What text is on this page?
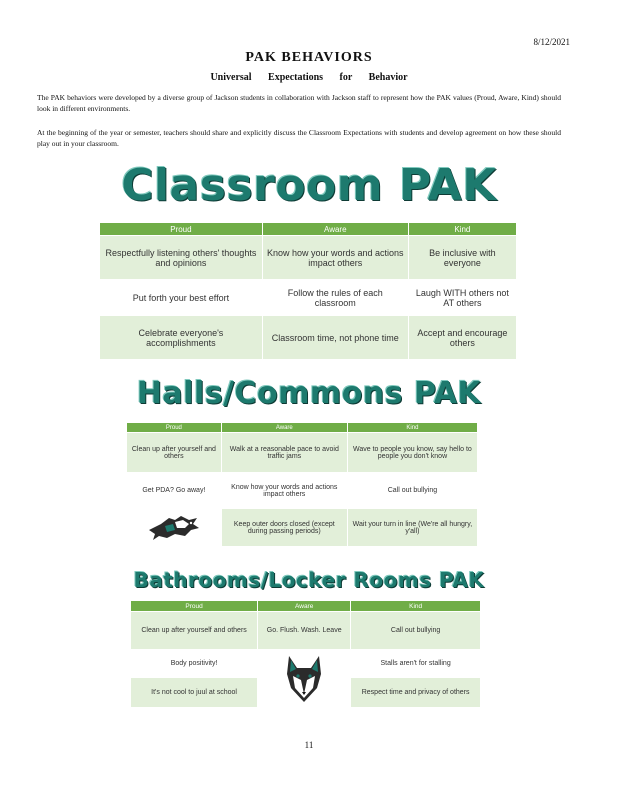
8/12/2021
PAK BEHAVIORS
Universal Expectations for Behavior
The PAK behaviors were developed by a diverse group of Jackson students in collaboration with Jackson staff to represent how the PAK values (Proud, Aware, Kind) should look in different environments.
At the beginning of the year or semester, teachers should share and explicitly discuss the Classroom Expectations with students and develop agreement on how these should play out in your classroom.
Classroom PAK
Proud	Aware	Kind
Respectfully listening others' thoughts and opinions	Know how your words and actions impact others	Be inclusive with everyone
Put forth your best effort	Follow the rules of each classroom	Laugh WITH others not AT others
Celebrate everyone's accomplishments	Classroom time, not phone time	Accept and encourage others
Halls/Commons PAK
Proud	Aware	Kind
Clean up after yourself and others	Walk at a reasonable pace to avoid traffic jams	Wave to people you know, say hello to people you don't know
Get PDA? Go away!	Know how your words and actions impact others	Call out bullying
	Keep outer doors closed (except during passing periods)	Wait your turn in line (We're all hungry, y'all)
Bathrooms/Locker Rooms PAK
Proud	Aware	Kind
Clean up after yourself and others	Go. Flush. Wash. Leave	Call out bullying
Body positivity!		Stalls aren't for stalling
It's not cool to juul at school		Respect time and privacy of others
11
